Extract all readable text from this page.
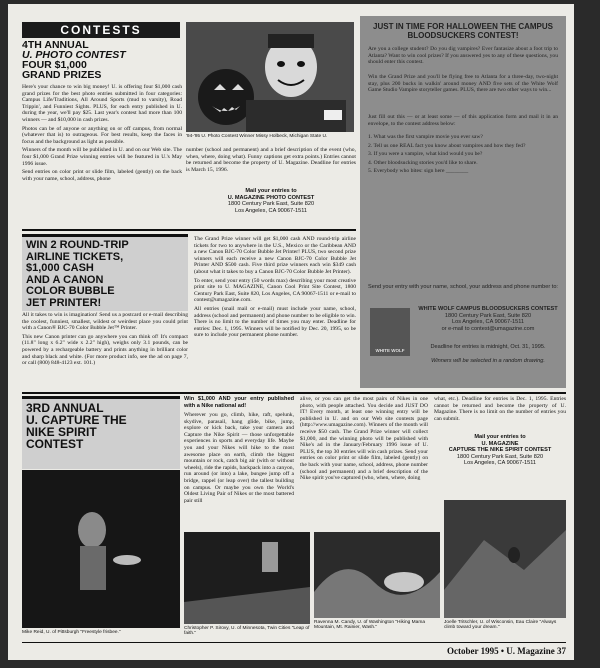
CONTESTS
4TH ANNUAL
U. PHOTO CONTEST
FOUR $1,000
GRAND PRIZES

Here's your chance to win big money! U. is offering four $1,000 cash grand prizes for the best photo entries submitted in four categories: Campus Life/Traditions, All Around Sports (mud to varsity), Road Trippin', and Funniest Sights. PLUS, for each entry published in U. during the year, we'll pay $25. Last year's contest had more than 100 winners — and $10,000 in cash prizes.

Photos can be of anyone or anything on or off campus, from normal (whatever that is) to outrageous. For best results, keep the faces in focus and the background as light as possible.

Winners of the month will be published in U. and on our Web site. The four $1,000 Grand Prize winning entries will be featured in U.'s May 1996 issue.

Send entries on color print or slide film, labeled (gently) on the back with your name, school, address, phone

'94-'95 U. Photo Contest Winner Missy Holbeck, Michigan State U.
number (school and permanent) and a brief description of the event (who, when, where, doing what). Funny captions get extra points.) Entries cannot be returned and become the property of U. Magazine. Deadline for entries is March 15, 1996.
Mail your entries to
U. MAGAZINE PHOTO CONTEST
1800 Century Park East, Suite 820
Los Angeles, CA 90067-1511
JUST IN TIME FOR HALLOWEEN THE CAMPUS BLOODSUCKERS CONTEST!
Are you a college student? Do you dig vampires? Ever fantasize about a foot trip to Atlanta? Want to win cool prizes? If you answered yes to any of these questions, you should enter this contest.
Win the Grand Prize and you'll be flying free to Atlanta for a three-day, two-night stay, plus 200 bucks in walkin' around money AND five sets of the White Wolf Game Studio Vampire storyteller games. PLUS, there are two other ways to win...
Just fill out this — or at least some — of this application form and mail it in an envelope, to the contest address below:

1. What was the first vampire movie you ever saw?

2. Tell us one REAL fact you know about vampires and how they fed?

3. If you were a vampire, what kind would you be?

4. Other bloodsucking stories you'd like to share.

5. Everybody who bites: sign here ________

Send your entry with your name, school, your address and phone number to:
WHITE WOLF
WHITE WOLF CAMPUS BLOODSUCKERS CONTEST
1800 Century Park East, Suite 820
Los Angeles, CA 90067-1511
or e-mail to contest@umagazine.com
Deadline for entries is midnight, Oct. 31, 1995.
Winners will be selected in a random drawing.
WIN 2 ROUND-TRIP
AIRLINE TICKETS,
$1,000 CASH
AND A CANON
COLOR BUBBLE
JET PRINTER!

All it takes to win is imagination! Send us a postcard or e-mail describing the coolest, funniest, smallest, wildest or weirdest place you could print with a Canon® BJC-70 Color Bubble Jet™ Printer.

This new Canon printer can go anywhere you can think of! It's compact (11.8" long x 6.2" wide x 2.2" high), weighs only 3.1 pounds, can be powered by a rechargeable battery and prints anything in brilliant color and sharp black and white. (For more product info, see the ad on page 7, or call (800) 848-4123 ext. 101.)

The Grand Prize winner will get $1,000 cash AND round-trip airline tickets for two to anywhere in the U.S., Mexico or the Caribbean AND a new Canon BJC-70 Color Bubble Jet Printer! PLUS, two second prize winners will each receive a new Canon BJC-70 Color Bubble Jet Printer AND $500 cash. Five third prize winners each win $349 cash (about what it takes to buy a Canon BJC-70 Color Bubble Jet Printer).

To enter, send your entry (50 words max) describing your most creative print site to U. MAGAZINE, Canon Cool Print Site Contest, 1800 Century Park East, Suite 820, Los Angeles, CA 90067-1511 or e-mail to contest@umagazine.com.

All entries (snail mail or e-mail) must include your name, school, address (school and permanent) and phone number to be eligible to win. There is no limit to the number of times you may enter. Deadline for entries: Dec. 1, 1995. Winners will be notified by Dec. 20, 1995, so be sure to include your permanent phone number.

3RD ANNUAL
U. CAPTURE THE
NIKE SPIRIT
CONTEST
Win $1,000 AND your entry published with a Nike national ad!
Wherever you go, climb, hike, raft, spelunk, skydive, parasail, hang glide, bike, jump, explore or kick back, take your camera and Capture the Nike Spirit — those unforgettable experiences in sports and everyday life. Maybe you and your Nikes will hike to the most awesome place on earth, climb the biggest mountain or rock, catch big air (with or without wheels), ride the rapids, backpack into a canyon, run around (or into) a lake, bungee jump off a bridge, rappel (or leap over) the tallest building on campus. Or maybe you own the World's Oldest Living Pair of Nikes or the most battered pair still
alive, or you can get the most pairs of Nikes in one photo, with people attached. You decide and JUST DO IT! Every month, at least one winning entry will be published in U. and on our Web site contests page (http://www.umagazine.com). Winners of the month will receive $50 cash. The Grand Prize winner will collect $1,000, and the winning photo will be published with Nike's ad in the January/February 1996 issue of U. PLUS, the top 30 entries will win cash prizes. Send your entries on color print or slide film, labeled (gently) on the back with your name, school, address, phone number (school and permanent) and a brief description of the Nike spirit you've captured (who, when, where, doing
what, etc.). Deadline for entries is Dec. 1, 1995. Entries cannot be returned and become the property of U. Magazine. There is no limit on the number of entries you can submit.
Mail your entries to
U. MAGAZINE
CAPTURE THE NIKE SPIRIT CONTEST
1800 Century Park East, Suite 820
Los Angeles, CA 90067-1511
Mike Reid, U. of Pittsburgh "Freestyle frisbee."
Christopher P. Sirovy, U. of Minnesota, Twin Cities "Leap of faith."
Ravenna M. Candy, U. of Washington "Hiking Mama Mountain, Mt. Rainier, Wash."
Joelle Tritschler, U. of Wisconsin, Eau Claire "Always climb toward your dream."
October 1995 • U. Magazine 37
